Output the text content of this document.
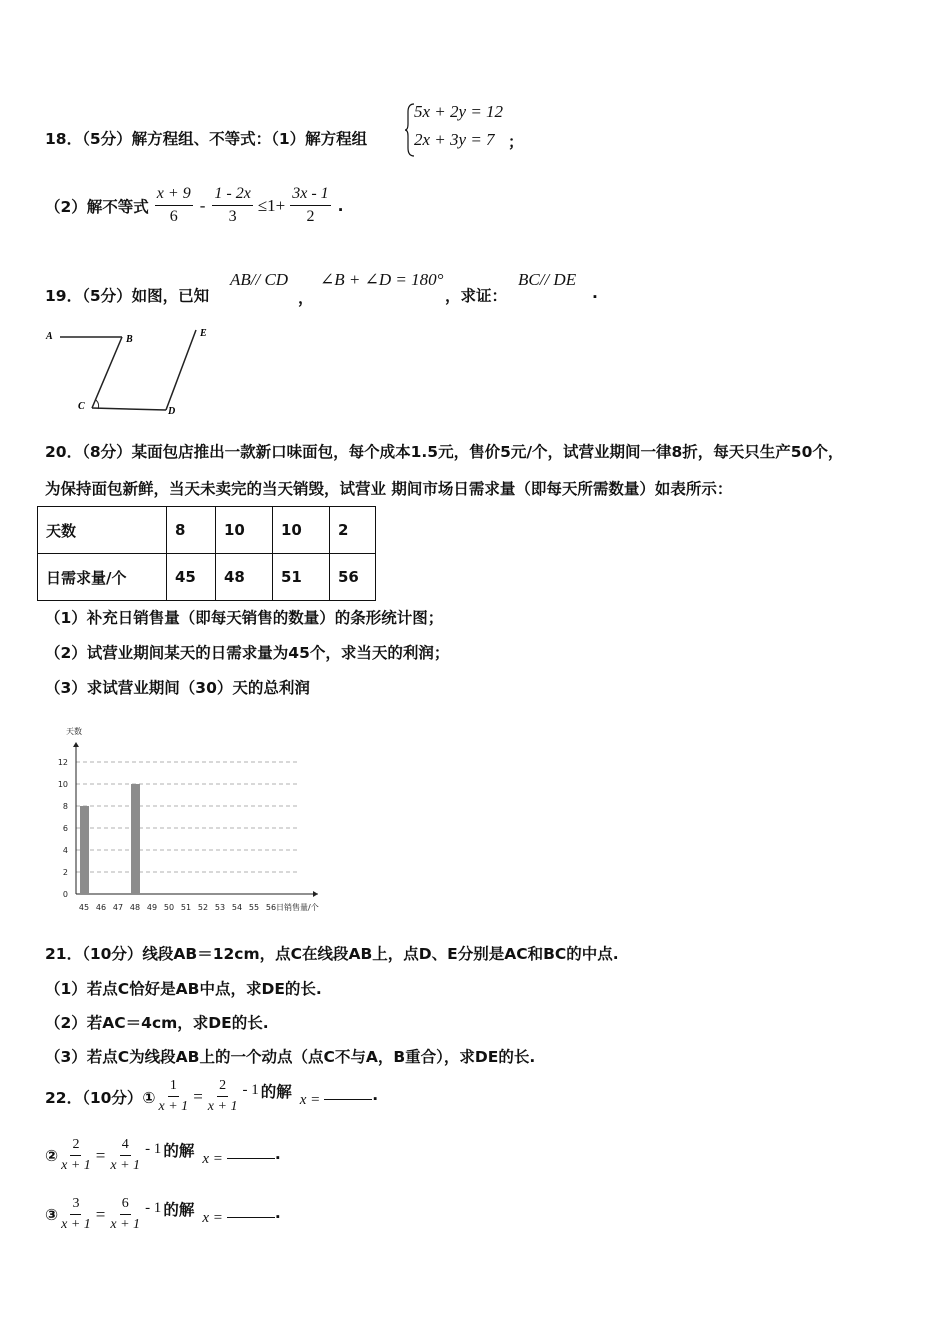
18．（5分）解方程组、不等式：（1）解方程组
5x + 2y = 12
2x + 3y = 7 ；
（2）解不等式 $\frac{x + 9}{6} - \frac{1 - 2x}{3} \le 1+ \frac{3x - 1}{2}$ .
19．（5分）如图，已知
AB// CD
，
∠B + ∠D = 180°
，求证：
BC// DE
.
A	B
C	D
E
20．（8分）某面包店推出一款新口味面包，每个成本1.5元，售价5元/个，试营业期间一律8折，每天只生产50个，
为保持面包新鲜，当天未卖完的当天销毁，试营业 期间市场日需求量（即每天所需数量）如表所示：
天数	8	10	10	2
日需求量/个	45	48	51	56
（1）补充日销售量（即每天销售的数量）的条形统计图；
（2）试营业期间某天的日需求量为45个，求当天的利润；
（3）求试营业期间（30）天的总利润
0
2
4
6
8
10
12
天数
45 46 47 48 49 50 51 52 53 54 55 56 日销售量/个
21．（10分）线段AB＝12cm，点C在线段AB上，点D、E分别是AC和BC的中点.
（1）若点C恰好是AB中点，求DE的长.
（2）若AC＝4cm，求DE的长.
（3）若点C为线段AB上的一个动点（点C不与A，B重合），求DE的长.
22．（10分）① $\frac{1}{x + 1} = \frac{2}{x + 1} - 1$ 的解 x =	.
② $\frac{2}{x + 1} = \frac{4}{x + 1} - 1$ 的解 x =	.
③ $\frac{3}{x + 1} = \frac{6}{x + 1} - 1$ 的解 x =	.
